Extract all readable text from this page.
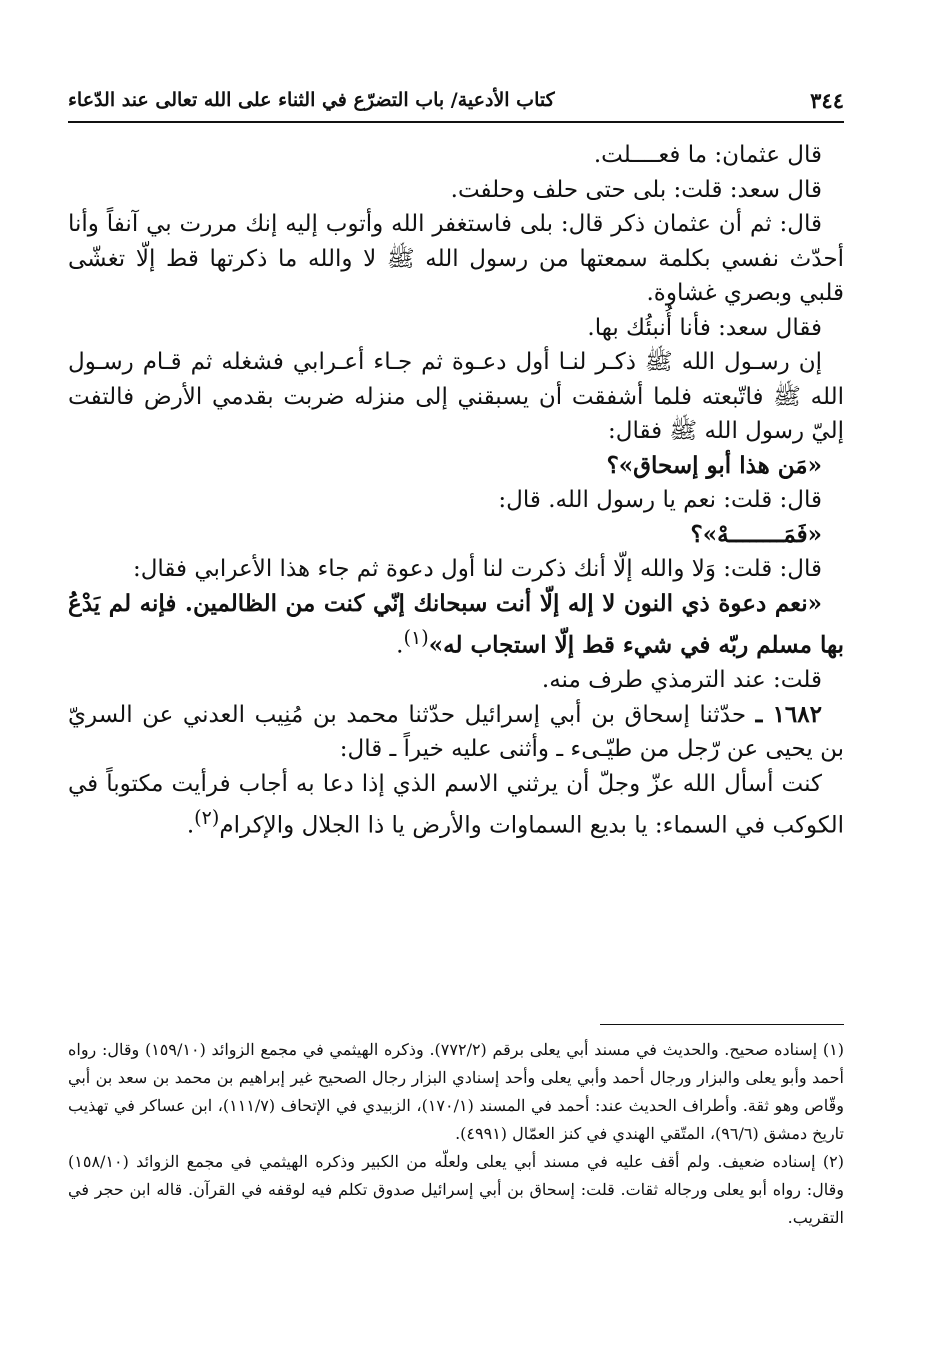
٣٤٤
كتاب الأدعية/ باب التضرّع في الثناء على الله تعالى عند الدّعاء

قال عثمان: ما فعــــلت.

قال سعد: قلت: بلى حتى حلف وحلفت.

قال: ثم أن عثمان ذكر قال: بلى فاستغفر الله وأتوب إليه إنك مررت بي آنفاً وأنا أحدّث نفسي بكلمة سمعتها من رسول الله ﷺ لا والله ما ذكرتها قط إلّا تغشّى قلبي وبصري غشاوة.

فقال سعد: فأنا أُنبئُك بها.

إن رسـول الله ﷺ ذكـر لنـا أول دعـوة ثم جـاء أعـرابي فشغله ثم قـام رسـول الله ﷺ فاتّبعته فلما أشفقت أن يسبقني إلى منزله ضربت بقدمي الأرض فالتفت إليّ رسول الله ﷺ فقال:

«مَن هذا أبو إسحاق»؟

قال: قلت: نعم يا رسول الله. قال:

«فَمَــــــــهْ»؟

قال: قلت: وَلا والله إلّا أنك ذكرت لنا أول دعوة ثم جاء هذا الأعرابي فقال:

«نعم دعوة ذي النون لا إله إلّا أنت سبحانك إنّي كنت من الظالمين. فإنه لم يَدْعُ بها مسلم ربّه في شيء قط إلّا استجاب له»$^{(١)}$.

قلت: عند الترمذي طرف منه.

١٦٨٢ ـ حدّثنا إسحاق بن أبي إسرائيل حدّثنا محمد بن مُنِيب العدني عن السريّ بن يحيى عن رّجل من طيّـىء ـ وأثنى عليه خيراً ـ قال:

كنت أسأل الله عزّ وجلّ أن يرثني الاسم الذي إذا دعا به أجاب فرأيت مكتوباً في الكوكب في السماء: يا بديع السماوات والأرض يا ذا الجلال والإكرام$^{(٢)}$.

(١) إسناده صحيح. والحديث في مسند أبي يعلى برقم (٧٧٢/٢). وذكره الهيثمي في مجمع الزوائد (١٥٩/١٠) وقال: رواه أحمد وأبو يعلى والبزار ورجال أحمد وأبي يعلى وأحد إسنادي البزار رجال الصحيح غير إبراهيم بن محمد بن سعد بن أبي وقّاص وهو ثقة. وأطراف الحديث عند: أحمد في المسند (١٧٠/١)، الزبيدي في الإتحاف (١١١/٧)، ابن عساكر في تهذيب تاريخ دمشق (٩٦/٦)، المتّقي الهندي في كنز العمّال (٤٩٩١).

(٢) إسناده ضعيف. ولم أقف عليه في مسند أبي يعلى ولعلّه من الكبير وذكره الهيثمي في مجمع الزوائد (١٥٨/١٠) وقال: رواه أبو يعلى ورجاله ثقات. قلت: إسحاق بن أبي إسرائيل صدوق تكلم فيه لوقفه في القرآن. قاله ابن حجر في التقريب.
